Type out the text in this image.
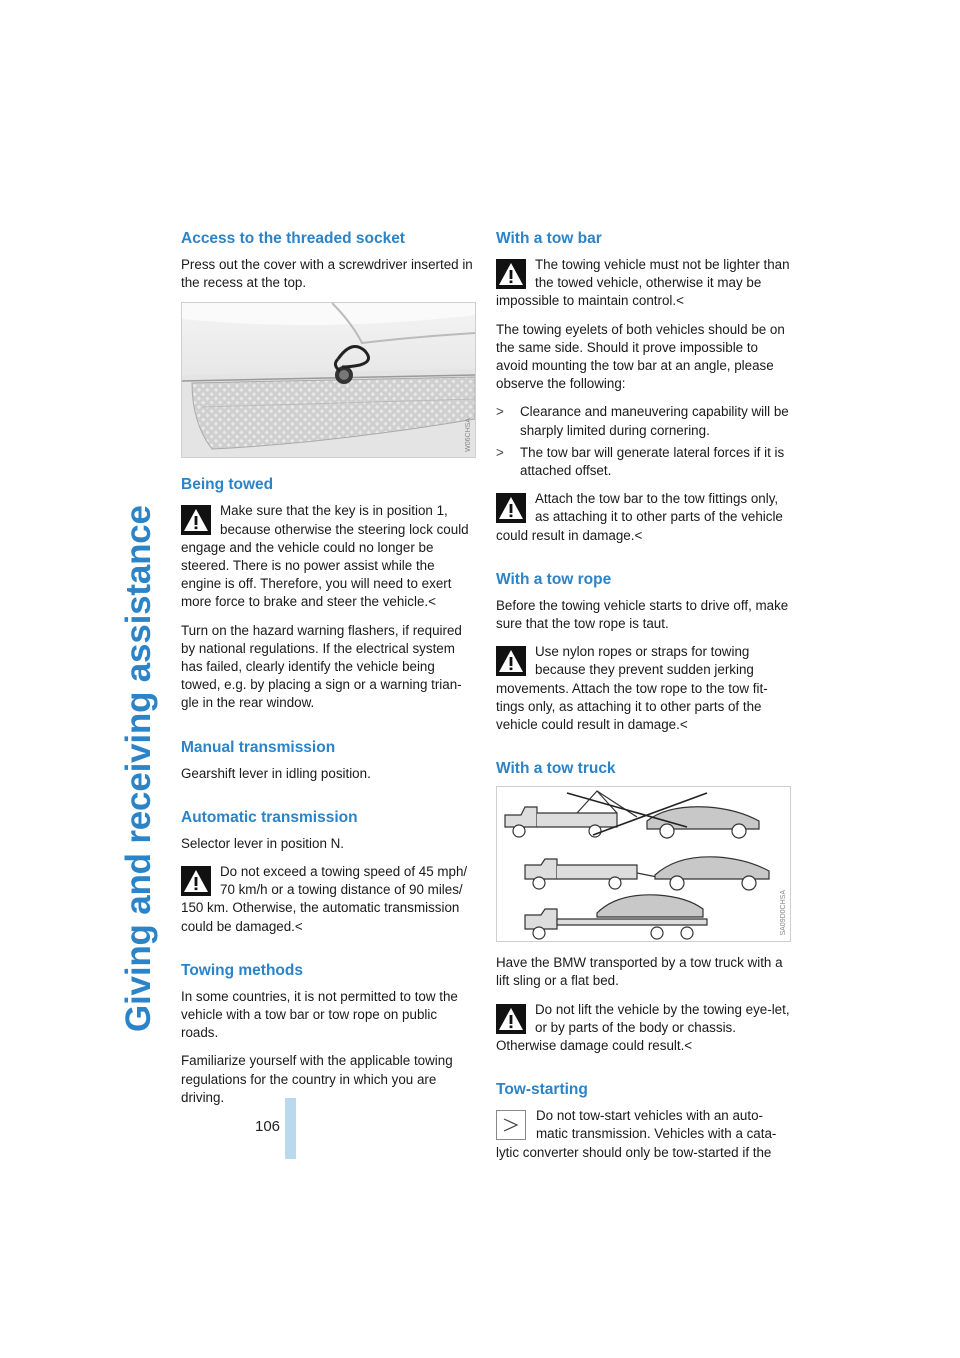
Giving and receiving assistance
Access to the threaded socket

Press out the cover with a screwdriver inserted in the recess at the top.

W06CHSA
Being towed
Make sure that the key is in position 1, because otherwise the steering lock could engage and the vehicle could no longer be steered. There is no power assist while the engine is off. Therefore, you will need to exert more force to brake and steer the vehicle.<

Turn on the hazard warning flashers, if required by national regulations. If the electrical system has failed, clearly identify the vehicle being towed, e.g. by placing a sign or a warning trian-gle in the rear window.

Manual transmission

Gearshift lever in idling position.

Automatic transmission

Selector lever in position N.

Do not exceed a towing speed of 45 mph/ 70 km/h or a towing distance of 90 miles/ 150 km. Otherwise, the automatic transmission could be damaged.<
Towing methods

In some countries, it is not permitted to tow the vehicle with a tow bar or tow rope on public roads.

Familiarize yourself with the applicable towing regulations for the country in which you are driving.

With a tow bar
The towing vehicle must not be lighter than the towed vehicle, otherwise it may be impossible to maintain control.<

The towing eyelets of both vehicles should be on the same side. Should it prove impossible to avoid mounting the tow bar at an angle, please observe the following:

> Clearance and maneuvering capability will be sharply limited during cornering.
> The tow bar will generate lateral forces if it is attached offset.
Attach the tow bar to the tow fittings only, as attaching it to other parts of the vehicle could result in damage.<
With a tow rope

Before the towing vehicle starts to drive off, make sure that the tow rope is taut.

Use nylon ropes or straps for towing because they prevent sudden jerking movements. Attach the tow rope to the tow fit-tings only, as attaching it to other parts of the vehicle could result in damage.<
With a tow truck
SA09D0CHSA

Have the BMW transported by a tow truck with a lift sling or a flat bed.

Do not lift the vehicle by the towing eye-let, or by parts of the body or chassis. Otherwise damage could result.<
Tow-starting
Do not tow-start vehicles with an auto-matic transmission. Vehicles with a cata-lytic converter should only be tow-started if the
106
